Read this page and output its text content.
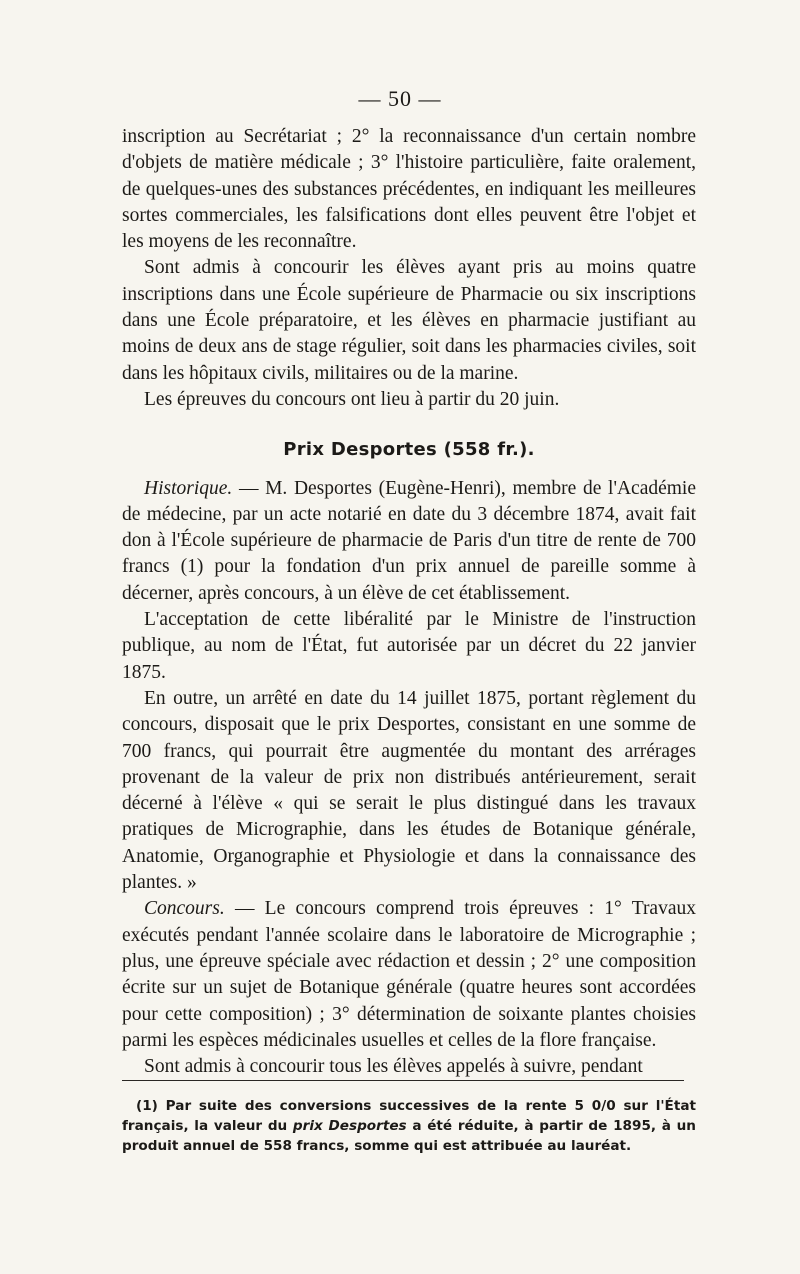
— 50 —

inscription au Secrétariat ; 2° la reconnaissance d'un certain nombre d'objets de matière médicale ; 3° l'histoire particulière, faite oralement, de quelques-unes des substances précédentes, en indiquant les meilleures sortes commerciales, les falsifications dont elles peuvent être l'objet et les moyens de les reconnaître.

Sont admis à concourir les élèves ayant pris au moins quatre inscriptions dans une École supérieure de Pharmacie ou six inscriptions dans une École préparatoire, et les élèves en pharmacie justifiant au moins de deux ans de stage régulier, soit dans les pharmacies civiles, soit dans les hôpitaux civils, militaires ou de la marine.

Les épreuves du concours ont lieu à partir du 20 juin.

Prix Desportes (558 fr.).

Historique. — M. Desportes (Eugène-Henri), membre de l'Académie de médecine, par un acte notarié en date du 3 décembre 1874, avait fait don à l'École supérieure de pharmacie de Paris d'un titre de rente de 700 francs (1) pour la fondation d'un prix annuel de pareille somme à décerner, après concours, à un élève de cet établissement.

L'acceptation de cette libéralité par le Ministre de l'instruction publique, au nom de l'État, fut autorisée par un décret du 22 janvier 1875.

En outre, un arrêté en date du 14 juillet 1875, portant règlement du concours, disposait que le prix Desportes, consistant en une somme de 700 francs, qui pourrait être augmentée du montant des arrérages provenant de la valeur de prix non distribués antérieurement, serait décerné à l'élève « qui se serait le plus distingué dans les travaux pratiques de Micrographie, dans les études de Botanique générale, Anatomie, Organographie et Physiologie et dans la connaissance des plantes. »

Concours. — Le concours comprend trois épreuves : 1° Travaux exécutés pendant l'année scolaire dans le laboratoire de Micrographie ; plus, une épreuve spéciale avec rédaction et dessin ; 2° une composition écrite sur un sujet de Botanique générale (quatre heures sont accordées pour cette composition) ; 3° détermination de soixante plantes choisies parmi les espèces médicinales usuelles et celles de la flore française.

Sont admis à concourir tous les élèves appelés à suivre, pendant

(1) Par suite des conversions successives de la rente 5 0/0 sur l'État français, la valeur du prix Desportes a été réduite, à partir de 1895, à un produit annuel de 558 francs, somme qui est attribuée au lauréat.
